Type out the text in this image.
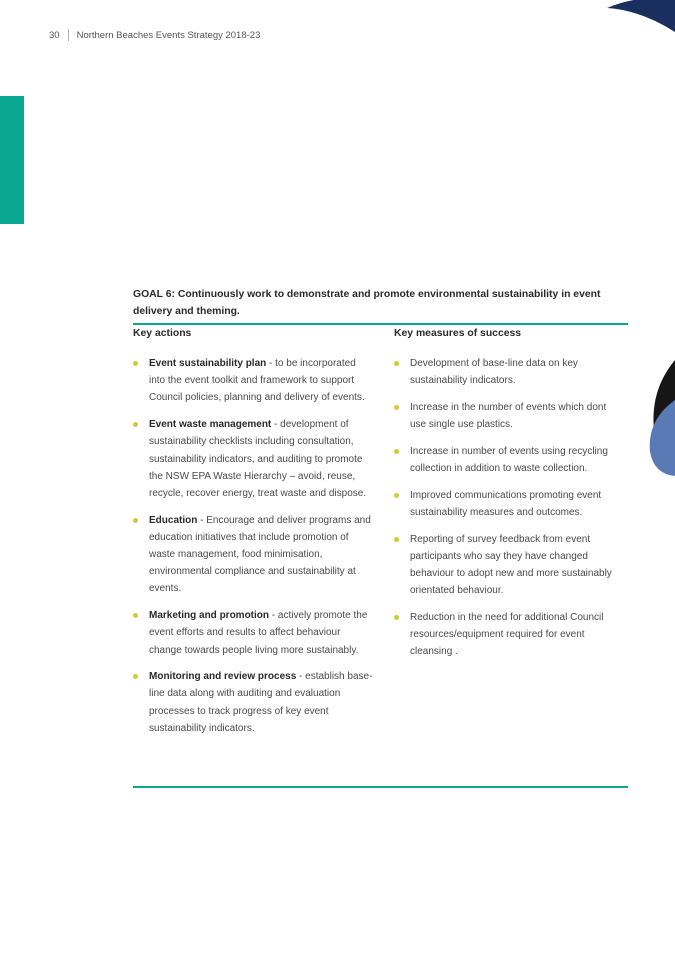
30 Northern Beaches Events Strategy 2018-23
GOAL 6: Continuously work to demonstrate and promote environmental sustainability in event delivery and theming.
Key actions	Key measures of success
Event sustainability plan - to be incorporated into the event toolkit and framework to support Council policies, planning and delivery of events.
Event waste management - development of sustainability checklists including consultation, sustainability indicators, and auditing to promote the NSW EPA Waste Hierarchy – avoid, reuse, recycle, recover energy, treat waste and dispose.
Education - Encourage and deliver programs and education initiatives that include promotion of waste management, food minimisation, environmental compliance and sustainability at events.
Marketing and promotion - actively promote the event efforts and results to affect behaviour change towards people living more sustainably.
Monitoring and review process - establish base-line data along with auditing and evaluation processes to track progress of key event sustainability indicators.
Development of base-line data on key sustainability indicators.
Increase in the number of events which dont use single use plastics.
Increase in number of events using recycling collection in addition to waste collection.
Improved communications promoting event sustainability measures and outcomes.
Reporting of survey feedback from event participants who say they have changed behaviour to adopt new and more sustainably orientated behaviour.
Reduction in the need for additional Council resources/equipment required for event cleansing .
